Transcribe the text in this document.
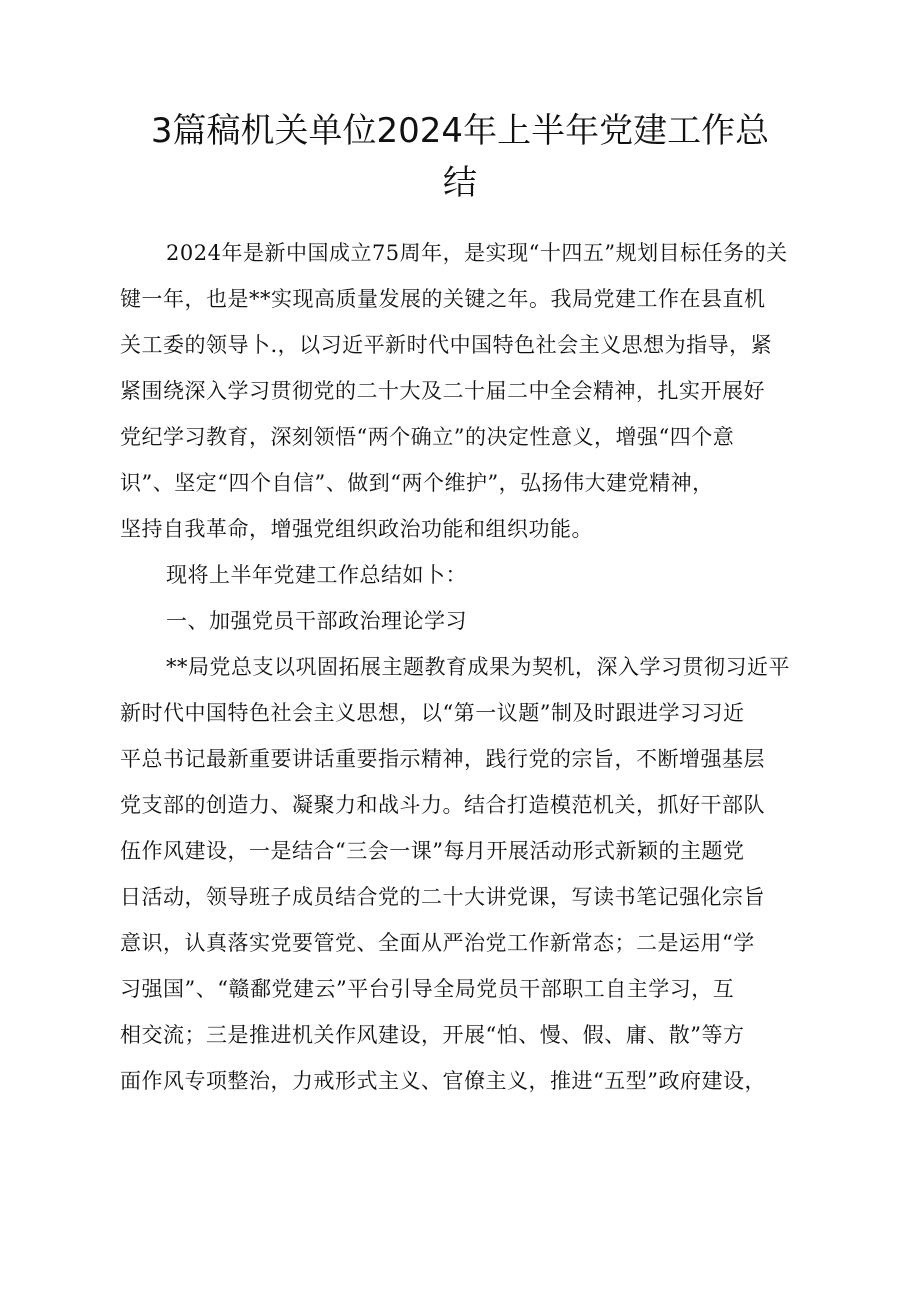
3篇稿机关单位2024年上半年党建工作总
结

2024年是新中国成立75周年，是实现“十四五”规划目标任务的关
键一年，也是**实现高质量发展的关键之年。我局党建工作在县直机
关工委的领导卜.，以习近平新时代中国特色社会主义思想为指导，紧
紧围绕深入学习贯彻党的二十大及二十届二中全会精神，扎实开展好
党纪学习教育，深刻领悟“两个确立”的决定性意义，增强“四个意
识”、坚定“四个自信”、做到“两个维护”，弘扬伟大建党精神，
坚持自我革命，增强党组织政治功能和组织功能。

现将上半年党建工作总结如卜：

一、加强党员干部政治理论学习

**局党总支以巩固拓展主题教育成果为契机，深入学习贯彻习近平
新时代中国特色社会主义思想，以“第一议题”制及时跟进学习习近
平总书记最新重要讲话重要指示精神，践行党的宗旨，不断增强基层
党支部的创造力、凝聚力和战斗力。结合打造模范机关，抓好干部队
伍作风建设，一是结合“三会一课”每月开展活动形式新颖的主题党
日活动，领导班子成员结合党的二十大讲党课，写读书笔记强化宗旨
意识，认真落实党要管党、全面从严治党工作新常态；二是运用“学
习强国”、“赣鄱党建云”平台引导全局党员干部职工自主学习，互
相交流；三是推进机关作风建设，开展“怕、慢、假、庸、散”等方
面作风专项整治，力戒形式主义、官僚主义，推进“五型”政府建设，
